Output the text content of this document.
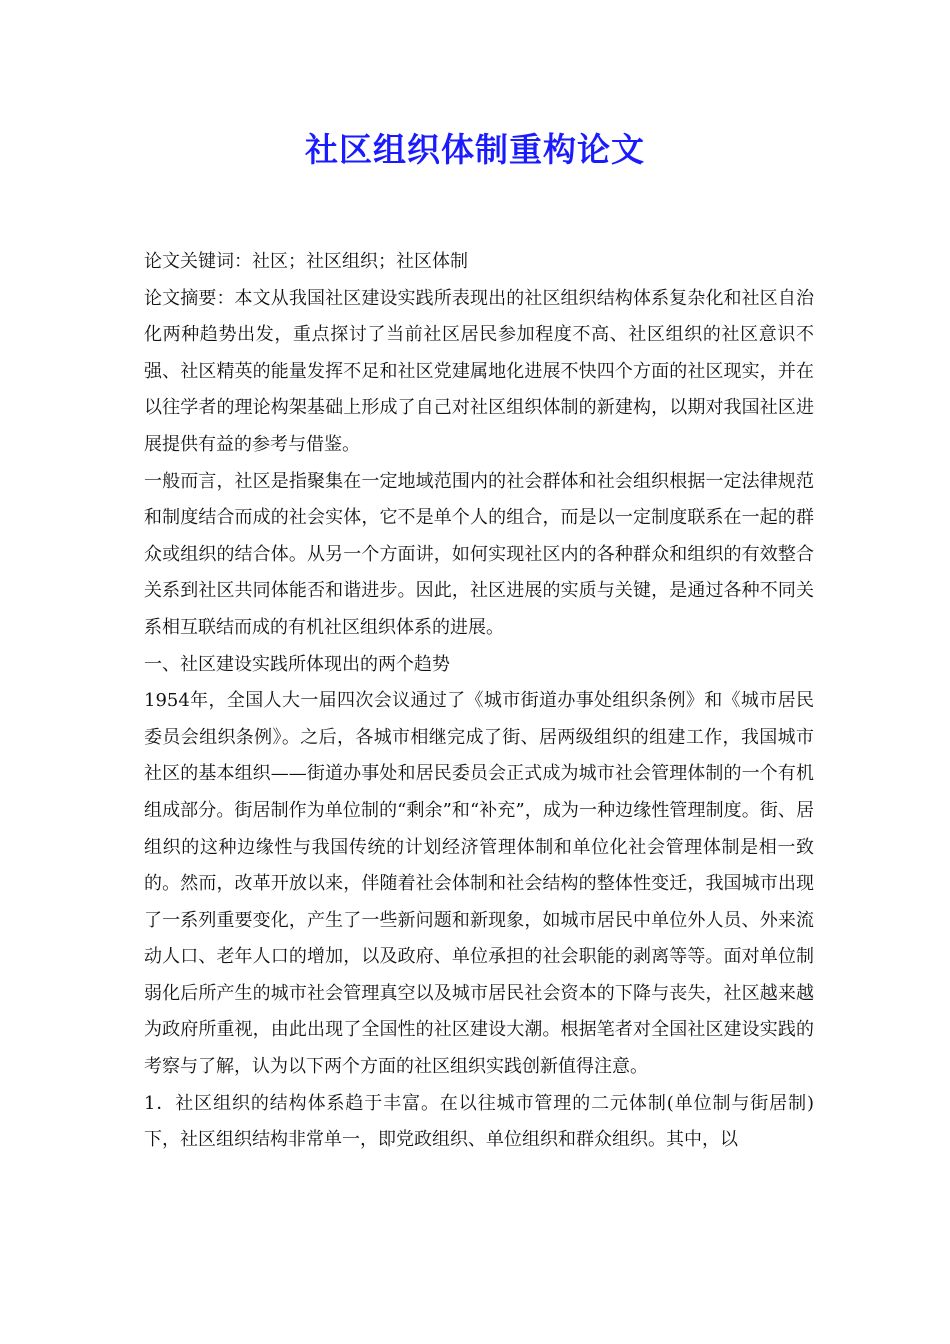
社区组织体制重构论文

论文关键词：社区；社区组织；社区体制

论文摘要：本文从我国社区建设实践所表现出的社区组织结构体系复杂化和社区自治化两种趋势出发，重点探讨了当前社区居民参加程度不高、社区组织的社区意识不强、社区精英的能量发挥不足和社区党建属地化进展不快四个方面的社区现实，并在以往学者的理论构架基础上形成了自己对社区组织体制的新建构，以期对我国社区进展提供有益的参考与借鉴。

一般而言，社区是指聚集在一定地域范围内的社会群体和社会组织根据一定法律规范和制度结合而成的社会实体，它不是单个人的组合，而是以一定制度联系在一起的群众或组织的结合体。从另一个方面讲，如何实现社区内的各种群众和组织的有效整合关系到社区共同体能否和谐进步。因此，社区进展的实质与关键，是通过各种不同关系相互联结而成的有机社区组织体系的进展。

一、社区建设实践所体现出的两个趋势

1954年，全国人大一届四次会议通过了《城市街道办事处组织条例》和《城市居民委员会组织条例》。之后，各城市相继完成了街、居两级组织的组建工作，我国城市社区的基本组织——街道办事处和居民委员会正式成为城市社会管理体制的一个有机组成部分。街居制作为单位制的“剩余”和“补充”，成为一种边缘性管理制度。街、居组织的这种边缘性与我国传统的计划经济管理体制和单位化社会管理体制是相一致的。然而，改革开放以来，伴随着社会体制和社会结构的整体性变迁，我国城市出现了一系列重要变化，产生了一些新问题和新现象，如城市居民中单位外人员、外来流动人口、老年人口的增加，以及政府、单位承担的社会职能的剥离等等。面对单位制弱化后所产生的城市社会管理真空以及城市居民社会资本的下降与丧失，社区越来越为政府所重视，由此出现了全国性的社区建设大潮。根据笔者对全国社区建设实践的考察与了解，认为以下两个方面的社区组织实践创新值得注意。

1．社区组织的结构体系趋于丰富。在以往城市管理的二元体制(单位制与街居制)下，社区组织结构非常单一，即党政组织、单位组织和群众组织。其中，以
